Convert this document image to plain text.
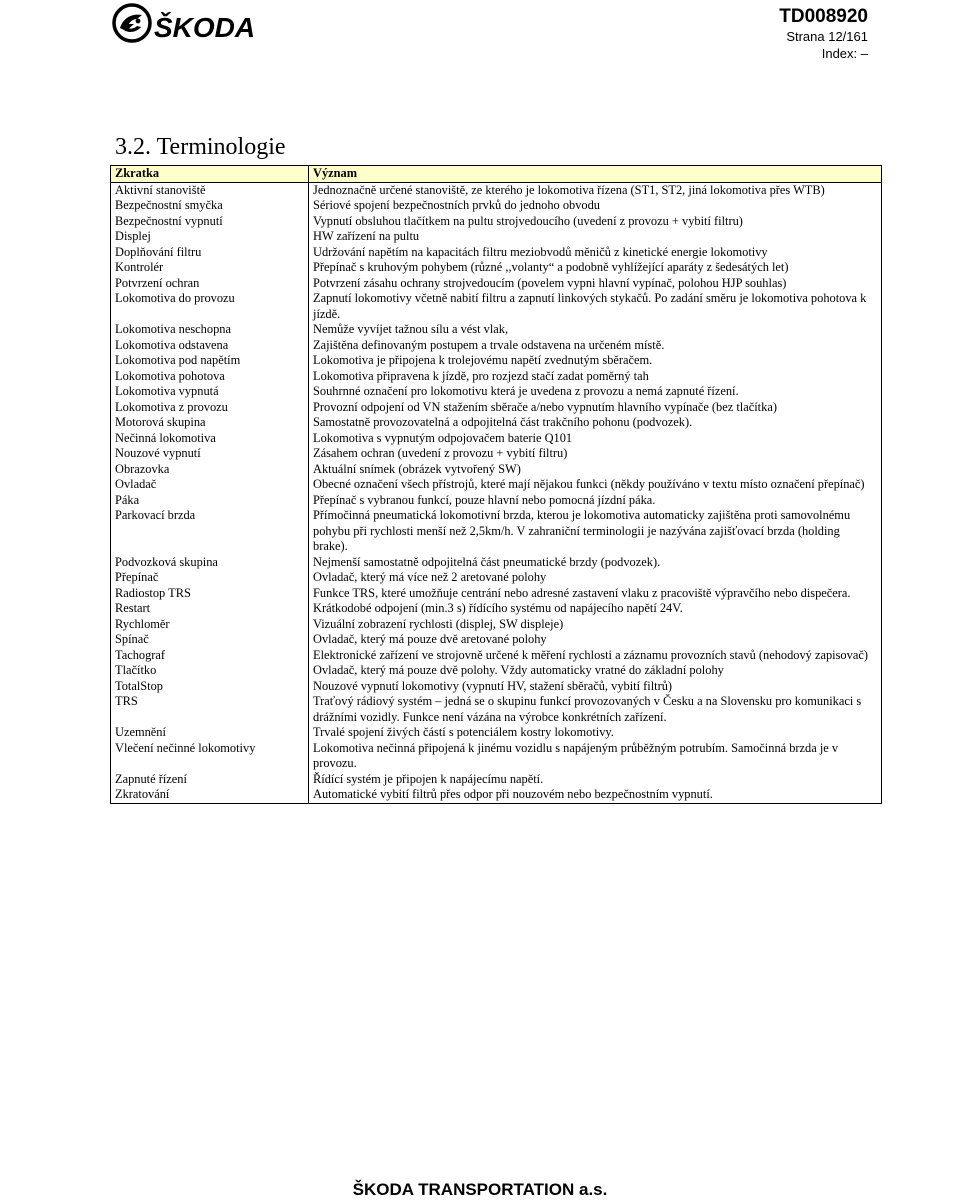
ŠKODA	TD008920
Strana 12/161
Index: –
3.2. Terminologie
Zkratka	Význam
Aktivní stanoviště	Jednoznačně určené stanoviště, ze kterého je lokomotiva řízena (ST1, ST2, jiná lokomotiva přes WTB)
Bezpečnostní smyčka	Sériové spojení bezpečnostních prvků do jednoho obvodu
Bezpečnostní vypnutí	Vypnutí obsluhou tlačítkem na pultu strojvedoucího (uvedení z provozu + vybití filtru)
Displej	HW zařízení na pultu
Doplňování filtru	Udržování napětím na kapacitách filtru meziobvodů měničů z kinetické energie lokomotivy
Kontrolér	Přepínač s kruhovým pohybem (různé ,,volanty“ a podobně vyhlížející aparáty z šedesátých let)
Potvrzení ochran	Potvrzení zásahu ochrany strojvedoucím (povelem vypni hlavní vypínač, polohou HJP souhlas)
Lokomotiva do provozu	Zapnutí lokomotivy včetně nabití filtru a zapnutí linkových stykačů. Po zadání směru je lokomotiva pohotova k jízdě.
Lokomotiva neschopna	Nemůže vyvíjet tažnou sílu a vést vlak,
Lokomotiva odstavena	Zajištěna definovaným postupem a trvale odstavena na určeném místě.
Lokomotiva pod napětím	Lokomotiva je připojena k trolejovému napětí zvednutým sběračem.
Lokomotiva pohotova	Lokomotiva připravena k jízdě, pro rozjezd stačí zadat poměrný tah
Lokomotiva vypnutá	Souhrnné označení pro lokomotivu která je uvedena z provozu a nemá zapnuté řízení.
Lokomotiva z provozu	Provozní odpojení od VN stažením sběrače a/nebo vypnutím hlavního vypínače (bez tlačítka)
Motorová skupina	Samostatně provozovatelná a odpojitelná část trakčního pohonu (podvozek).
Nečinná lokomotiva	Lokomotiva s vypnutým odpojovačem baterie Q101
Nouzové vypnutí	Zásahem ochran (uvedení z provozu + vybití filtru)
Obrazovka	Aktuální snímek (obrázek vytvořený SW)
Ovladač	Obecné označení všech přístrojů, které mají nějakou funkci (někdy používáno v textu místo označení přepínač)
Páka	Přepínač s vybranou funkcí, pouze hlavní nebo pomocná jízdní páka.
Parkovací brzda	Přímočinná pneumatická lokomotivní brzda, kterou je lokomotiva automaticky zajištěna proti samovolnému pohybu při rychlosti menší než 2,5km/h. V zahraniční terminologii je nazývána zajišťovací brzda (holding brake).
Podvozková skupina	Nejmenší samostatně odpojitelná část pneumatické brzdy (podvozek).
Přepínač	Ovladač, který má více než 2 aretované polohy
Radiostop TRS	Funkce TRS, které umožňuje centrání nebo adresné zastavení vlaku z pracoviště výpravčího nebo dispečera.
Restart	Krátkodobé odpojení (min.3 s) řídícího systému od napájecího napětí 24V.
Rychloměr	Vizuální zobrazení rychlosti (displej, SW displeje)
Spínač	Ovladač, který má pouze dvě aretované polohy
Tachograf	Elektronické zařízení ve strojovně určené k měření rychlosti a záznamu provozních stavů (nehodový zapisovač)
Tlačítko	Ovladač, který má pouze dvě polohy. Vždy automaticky vratné do základní polohy
TotalStop	Nouzové vypnutí lokomotivy (vypnutí HV, stažení sběračů, vybití filtrů)
TRS	Traťový rádiový systém – jedná se o skupinu funkcí provozovaných v Česku a na Slovensku pro komunikaci s drážními vozidly. Funkce není vázána na výrobce konkrétních zařízení.
Uzemnění	Trvalé spojení živých částí s potenciálem kostry lokomotivy.
Vlečení nečinné lokomotivy	Lokomotiva nečinná připojená k jinému vozidlu s napájeným průběžným potrubím. Samočinná brzda je v provozu.
Zapnuté řízení	Řídící systém je připojen k napájecímu napětí.
Zkratování	Automatické vybití filtrů přes odpor při nouzovém nebo bezpečnostním vypnutí.
ŠKODA TRANSPORTATION a.s.
